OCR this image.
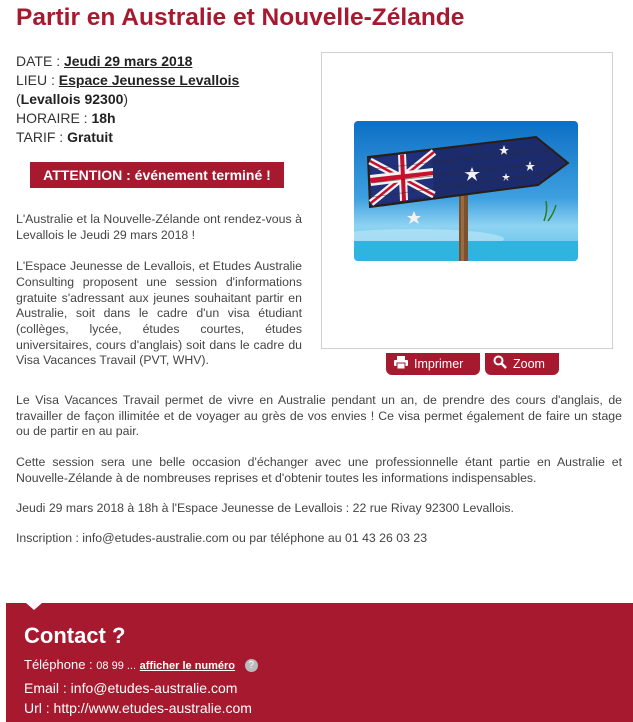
Partir en Australie et Nouvelle-Zélande
DATE : Jeudi 29 mars 2018
LIEU : Espace Jeunesse Levallois
(Levallois 92300)
HORAIRE : 18h
TARIF : Gratuit
ATTENTION : événement terminé !

L'Australie et la Nouvelle-Zélande ont rendez-vous à Levallois le Jeudi 29 mars 2018 !

L'Espace Jeunesse de Levallois, et Etudes Australie Consulting proposent une session d'informations gratuite s'adressant aux jeunes souhaitant partir en Australie, soit dans le cadre d'un visa étudiant (collèges, lycée, études courtes, études universitaires, cours d'anglais) soit dans le cadre du Visa Vacances Travail (PVT, WHV).	Imprimer	Zoom
Le Visa Vacances Travail permet de vivre en Australie pendant un an, de prendre des cours d'anglais, de travailler de façon illimitée et de voyager au grès de vos envies ! Ce visa permet également de faire un stage ou de partir en au pair.
Cette session sera une belle occasion d'échanger avec une professionnelle étant partie en Australie et Nouvelle-Zélande à de nombreuses reprises et d'obtenir toutes les informations indispensables.
Jeudi 29 mars 2018 à 18h à l'Espace Jeunesse de Levallois : 22 rue Rivay 92300 Levallois.
Inscription : info@etudes-australie.com ou par téléphone au 01 43 26 03 23
Contact ?
Téléphone : 08 99 ... afficher le numéro ?
Email : info@etudes-australie.com
Url : http://www.etudes-australie.com
